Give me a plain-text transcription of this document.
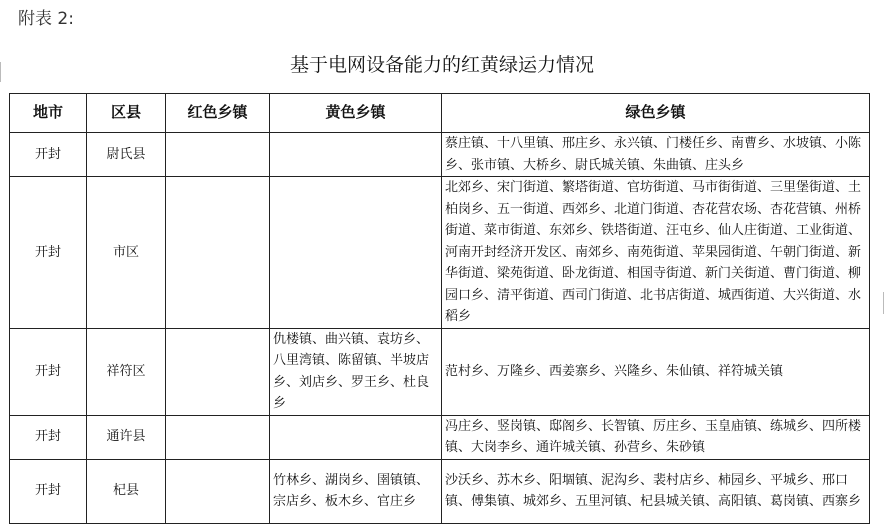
附表 2:
基于电网设备能力的红黄绿运力情况
地市	区县	红色乡镇	黄色乡镇	绿色乡镇
开封	尉氏县			蔡庄镇、十八里镇、邢庄乡、永兴镇、门楼任乡、南曹乡、水坡镇、小陈乡、张市镇、大桥乡、尉氏城关镇、朱曲镇、庄头乡
开封	市区			北郊乡、宋门街道、繁塔街道、官坊街道、马市街街道、三里堡街道、土柏岗乡、五一街道、西郊乡、北道门街道、杏花营农场、杏花营镇、州桥街道、菜市街道、东郊乡、铁塔街道、汪屯乡、仙人庄街道、工业街道、河南开封经济开发区、南郊乡、南苑街道、苹果园街道、午朝门街道、新华街道、梁苑街道、卧龙街道、相国寺街道、新门关街道、曹门街道、柳园口乡、清平街道、西司门街道、北书店街道、城西街道、大兴街道、水稻乡
开封	祥符区		仇楼镇、曲兴镇、袁坊乡、八里湾镇、陈留镇、半坡店乡、刘店乡、罗王乡、杜良乡	范村乡、万隆乡、西姜寨乡、兴隆乡、朱仙镇、祥符城关镇
开封	通许县			冯庄乡、竖岗镇、邸阁乡、长智镇、厉庄乡、玉皇庙镇、练城乡、四所楼镇、大岗李乡、通许城关镇、孙营乡、朱砂镇
开封	杞县		竹林乡、湖岗乡、圉镇镇、宗店乡、板木乡、官庄乡	沙沃乡、苏木乡、阳堌镇、泥沟乡、裴村店乡、柿园乡、平城乡、邢口镇、傅集镇、城郊乡、五里河镇、杞县城关镇、高阳镇、葛岗镇、西寨乡
